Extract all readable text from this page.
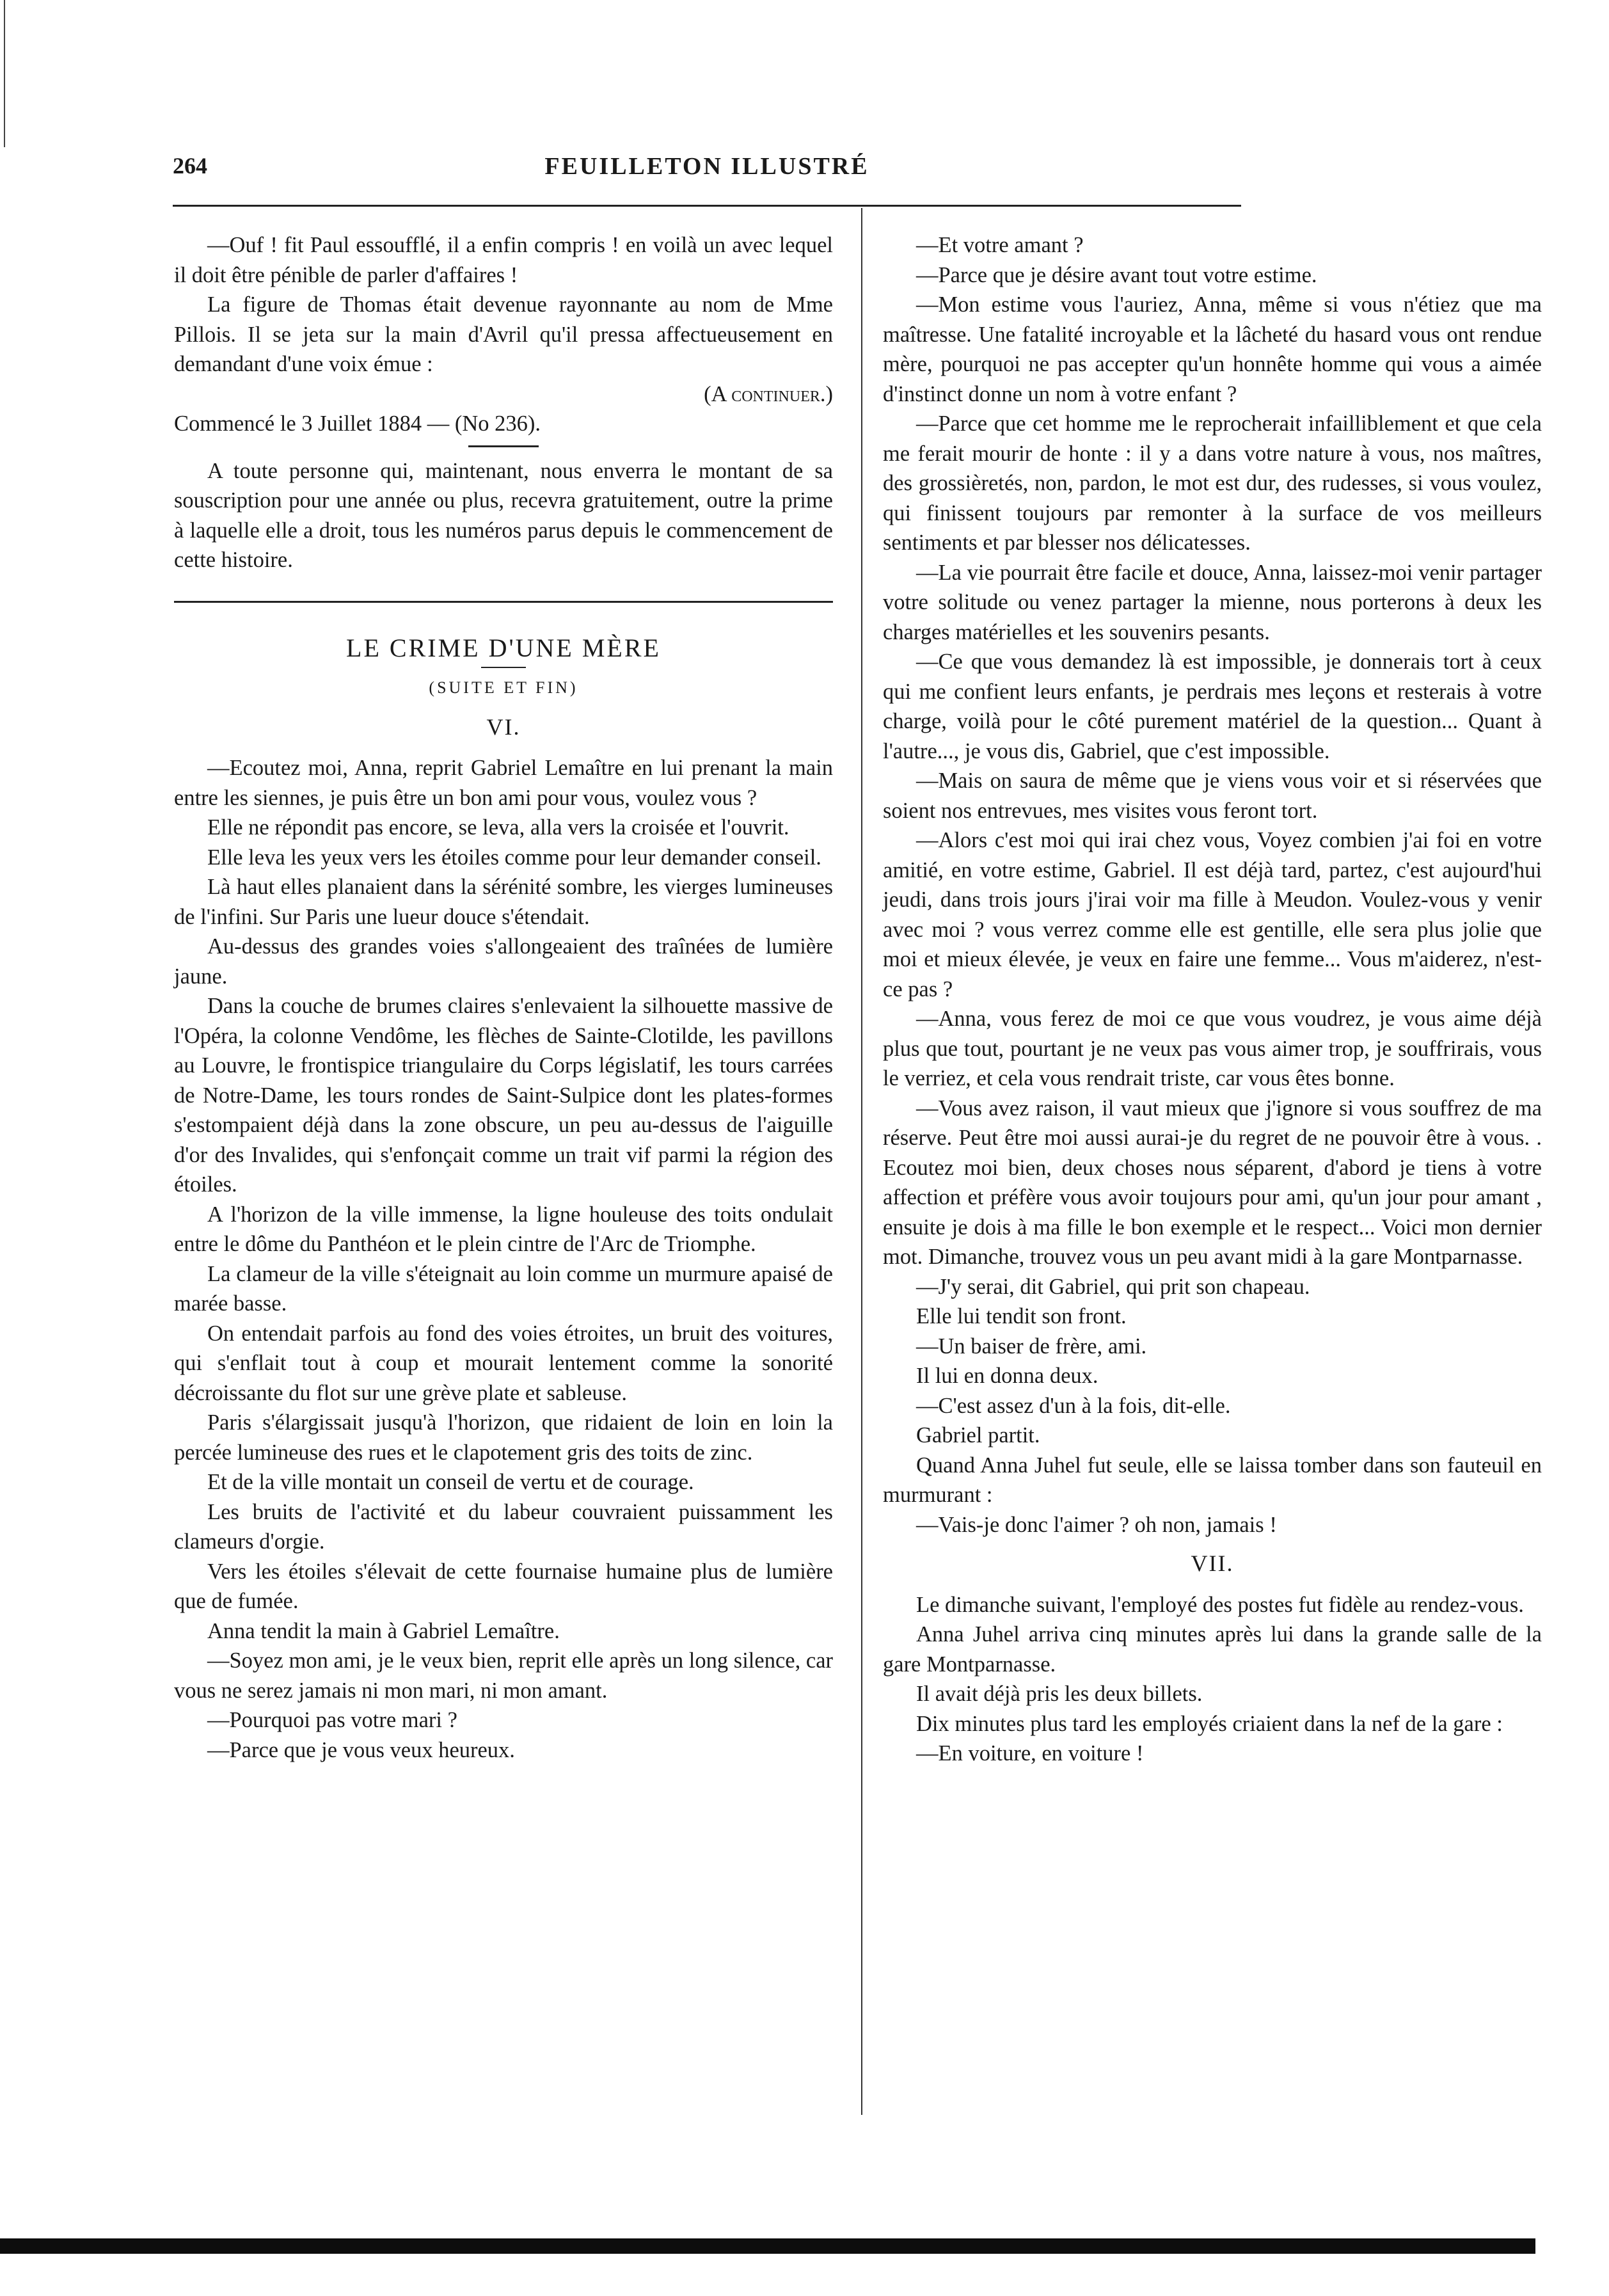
264	FEUILLETON ILLUSTRÉ

—Ouf ! fit Paul essoufflé, il a enfin compris ! en voilà un avec lequel il doit être pénible de parler d'affaires !

La figure de Thomas était devenue rayonnante au nom de Mme Pillois. Il se jeta sur la main d'Avril qu'il pressa affectueusement en demandant d'une voix émue :

(A continuer.)

Commencé le 3 Juillet 1884 — (No 236).

A toute personne qui, maintenant, nous enverra le montant de sa souscription pour une année ou plus, recevra gratuitement, outre la prime à laquelle elle a droit, tous les numéros parus depuis le commencement de cette histoire.

LE CRIME D'UNE MÈRE
(SUITE ET FIN)
VI.

—Ecoutez moi, Anna, reprit Gabriel Lemaître en lui prenant la main entre les siennes, je puis être un bon ami pour vous, voulez vous ?

Elle ne répondit pas encore, se leva, alla vers la croisée et l'ouvrit.

Elle leva les yeux vers les étoiles comme pour leur demander conseil.

Là haut elles planaient dans la sérénité sombre, les vierges lumineuses de l'infini. Sur Paris une lueur douce s'étendait.

Au-dessus des grandes voies s'allongeaient des traînées de lumière jaune.

Dans la couche de brumes claires s'enlevaient la silhouette massive de l'Opéra, la colonne Vendôme, les flèches de Sainte-Clotilde, les pavillons au Louvre, le frontispice triangulaire du Corps législatif, les tours carrées de Notre-Dame, les tours rondes de Saint-Sulpice dont les plates-formes s'estompaient déjà dans la zone obscure, un peu au-dessus de l'aiguille d'or des Invalides, qui s'enfonçait comme un trait vif parmi la région des étoiles.

A l'horizon de la ville immense, la ligne houleuse des toits ondulait entre le dôme du Panthéon et le plein cintre de l'Arc de Triomphe.

La clameur de la ville s'éteignait au loin comme un murmure apaisé de marée basse.

On entendait parfois au fond des voies étroites, un bruit des voitures, qui s'enflait tout à coup et mourait lentement comme la sonorité décroissante du flot sur une grève plate et sableuse.

Paris s'élargissait jusqu'à l'horizon, que ridaient de loin en loin la percée lumineuse des rues et le clapotement gris des toits de zinc.

Et de la ville montait un conseil de vertu et de courage.

Les bruits de l'activité et du labeur couvraient puissamment les clameurs d'orgie.

Vers les étoiles s'élevait de cette fournaise humaine plus de lumière que de fumée.

Anna tendit la main à Gabriel Lemaître.

—Soyez mon ami, je le veux bien, reprit elle après un long silence, car vous ne serez jamais ni mon mari, ni mon amant.

—Pourquoi pas votre mari ?

—Parce que je vous veux heureux.

—Et votre amant ?

—Parce que je désire avant tout votre estime.

—Mon estime vous l'auriez, Anna, même si vous n'étiez que ma maîtresse. Une fatalité incroyable et la lâcheté du hasard vous ont rendue mère, pourquoi ne pas accepter qu'un honnête homme qui vous a aimée d'instinct donne un nom à votre enfant ?

—Parce que cet homme me le reprocherait infailliblement et que cela me ferait mourir de honte : il y a dans votre nature à vous, nos maîtres, des grossièretés, non, pardon, le mot est dur, des rudesses, si vous voulez, qui finissent toujours par remonter à la surface de vos meilleurs sentiments et par blesser nos délicatesses.

—La vie pourrait être facile et douce, Anna, laissez-moi venir partager votre solitude ou venez partager la mienne, nous porterons à deux les charges matérielles et les souvenirs pesants.

—Ce que vous demandez là est impossible, je donnerais tort à ceux qui me confient leurs enfants, je perdrais mes leçons et resterais à votre charge, voilà pour le côté purement matériel de la question... Quant à l'autre..., je vous dis, Gabriel, que c'est impossible.

—Mais on saura de même que je viens vous voir et si réservées que soient nos entrevues, mes visites vous feront tort.

—Alors c'est moi qui irai chez vous, Voyez combien j'ai foi en votre amitié, en votre estime, Gabriel. Il est déjà tard, partez, c'est aujourd'hui jeudi, dans trois jours j'irai voir ma fille à Meudon. Voulez-vous y venir avec moi ? vous verrez comme elle est gentille, elle sera plus jolie que moi et mieux élevée, je veux en faire une femme... Vous m'aiderez, n'est-ce pas ?

—Anna, vous ferez de moi ce que vous voudrez, je vous aime déjà plus que tout, pourtant je ne veux pas vous aimer trop, je souffrirais, vous le verriez, et cela vous rendrait triste, car vous êtes bonne.

—Vous avez raison, il vaut mieux que j'ignore si vous souffrez de ma réserve. Peut être moi aussi aurai-je du regret de ne pouvoir être à vous. . Ecoutez moi bien, deux choses nous séparent, d'abord je tiens à votre affection et préfère vous avoir toujours pour ami, qu'un jour pour amant , ensuite je dois à ma fille le bon exemple et le respect... Voici mon dernier mot. Dimanche, trouvez vous un peu avant midi à la gare Montparnasse.

—J'y serai, dit Gabriel, qui prit son chapeau.

Elle lui tendit son front.

—Un baiser de frère, ami.

Il lui en donna deux.

—C'est assez d'un à la fois, dit-elle.

Gabriel partit.

Quand Anna Juhel fut seule, elle se laissa tomber dans son fauteuil en murmurant :

—Vais-je donc l'aimer ? oh non, jamais !

VII.

Le dimanche suivant, l'employé des postes fut fidèle au rendez-vous.

Anna Juhel arriva cinq minutes après lui dans la grande salle de la gare Montparnasse.

Il avait déjà pris les deux billets.

Dix minutes plus tard les employés criaient dans la nef de la gare :

—En voiture, en voiture !
